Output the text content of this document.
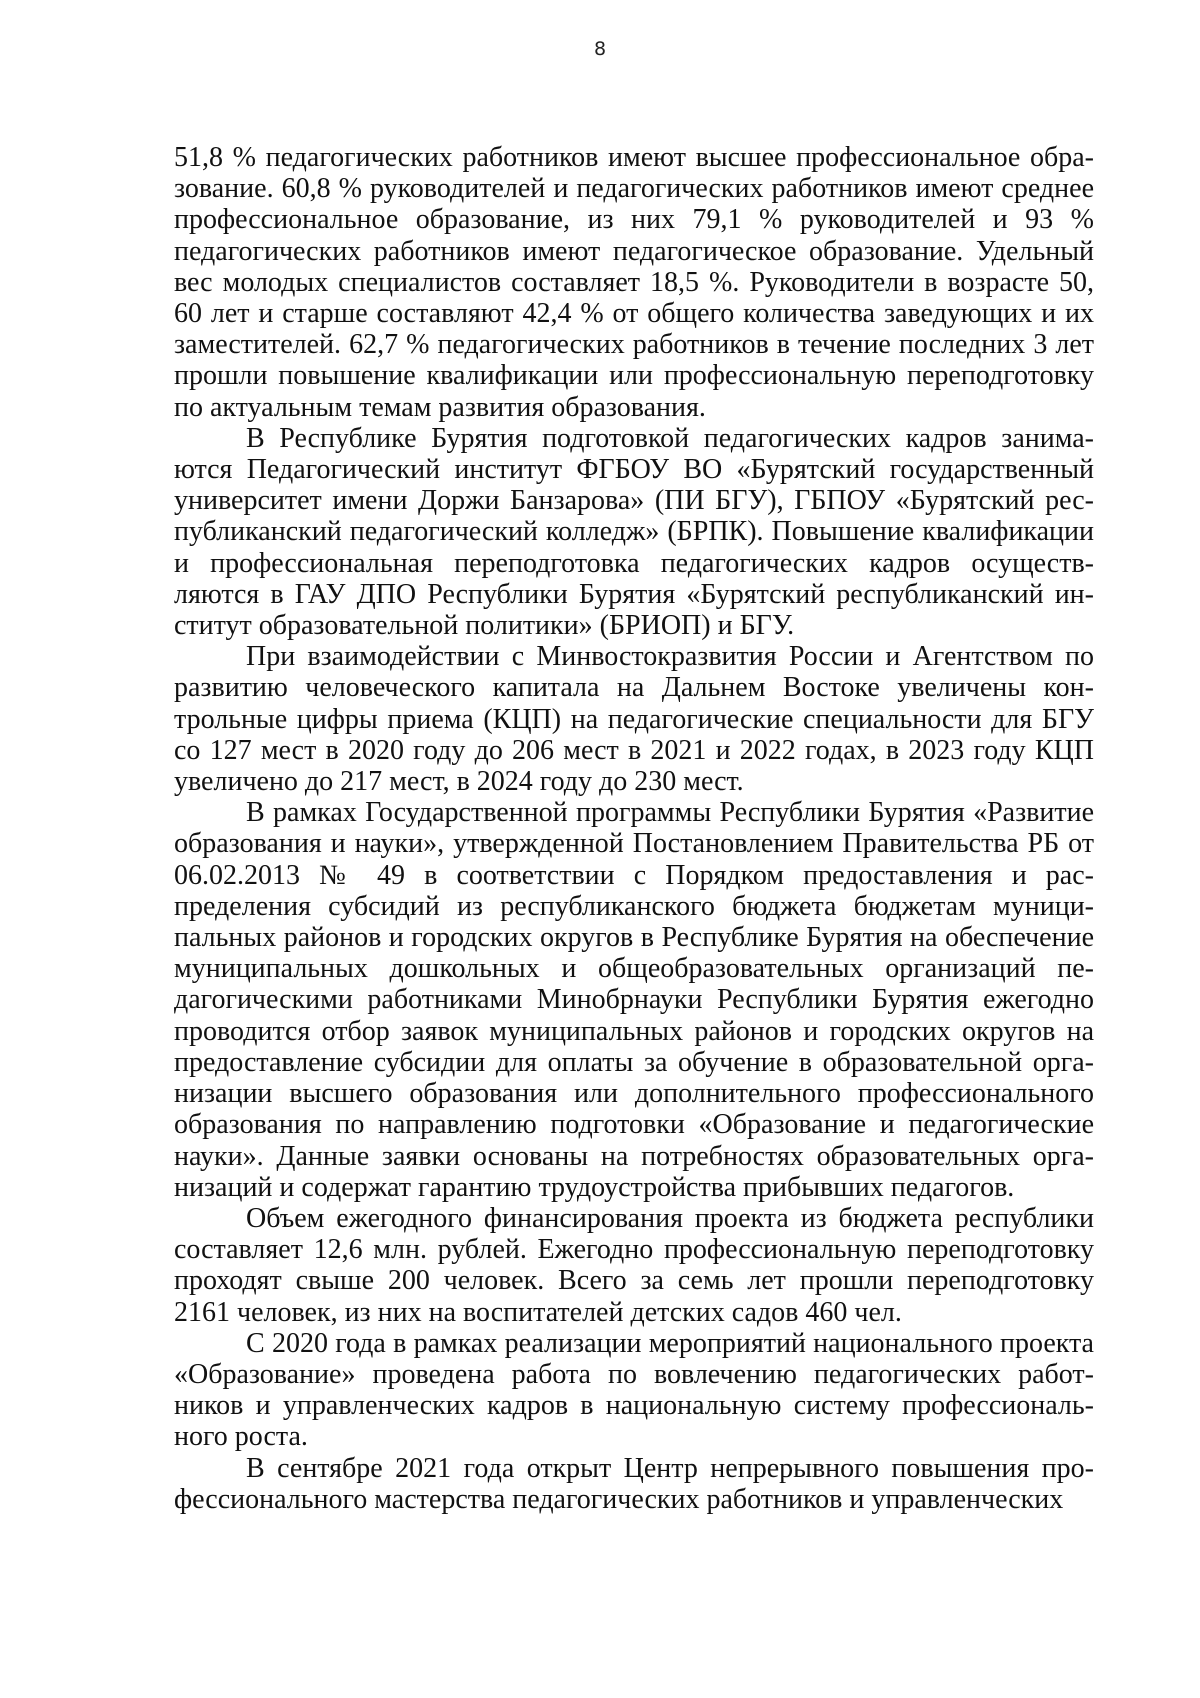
8

51,8 % педагогических работников имеют высшее профессиональное образование. 60,8 % руководителей и педагогических работников имеют среднее профессиональное образование, из них 79,1 % руководителей и 93 % педагогических работников имеют педагогическое образование. Удельный вес молодых специалистов составляет 18,5 %. Руководители в возрасте 50, 60 лет и старше составляют 42,4 % от общего количества заведующих и их заместителей. 62,7 % педагогических работников в течение последних 3 лет прошли повышение квалификации или профессиональную переподготовку по актуальным темам развития образования.

В Республике Бурятия подготовкой педагогических кадров занимаются Педагогический институт ФГБОУ ВО «Бурятский государственный университет имени Доржи Банзарова» (ПИ БГУ), ГБПОУ «Бурятский республиканский педагогический колледж» (БРПК). Повышение квалификации и профессиональная переподготовка педагогических кадров осуществляются в ГАУ ДПО Республики Бурятия «Бурятский республиканский институт образовательной политики» (БРИОП) и БГУ.

При взаимодействии с Минвостокразвития России и Агентством по развитию человеческого капитала на Дальнем Востоке увеличены контрольные цифры приема (КЦП) на педагогические специальности для БГУ со 127 мест в 2020 году до 206 мест в 2021 и 2022 годах, в 2023 году КЦП увеличено до 217 мест, в 2024 году до 230 мест.

В рамках Государственной программы Республики Бурятия «Развитие образования и науки», утвержденной Постановлением Правительства РБ от 06.02.2013 № 49 в соответствии с Порядком предоставления и распределения субсидий из республиканского бюджета бюджетам муниципальных районов и городских округов в Республике Бурятия на обеспечение муниципальных дошкольных и общеобразовательных организаций педагогическими работниками Минобрнауки Республики Бурятия ежегодно проводится отбор заявок муниципальных районов и городских округов на предоставление субсидии для оплаты за обучение в образовательной организации высшего образования или дополнительного профессионального образования по направлению подготовки «Образование и педагогические науки». Данные заявки основаны на потребностях образовательных организаций и содержат гарантию трудоустройства прибывших педагогов.

Объем ежегодного финансирования проекта из бюджета республики составляет 12,6 млн. рублей. Ежегодно профессиональную переподготовку проходят свыше 200 человек. Всего за семь лет прошли переподготовку 2161 человек, из них на воспитателей детских садов 460 чел.

С 2020 года в рамках реализации мероприятий национального проекта «Образование» проведена работа по вовлечению педагогических работников и управленческих кадров в национальную систему профессионального роста.

В сентябре 2021 года открыт Центр непрерывного повышения профессионального мастерства педагогических работников и управленческих
